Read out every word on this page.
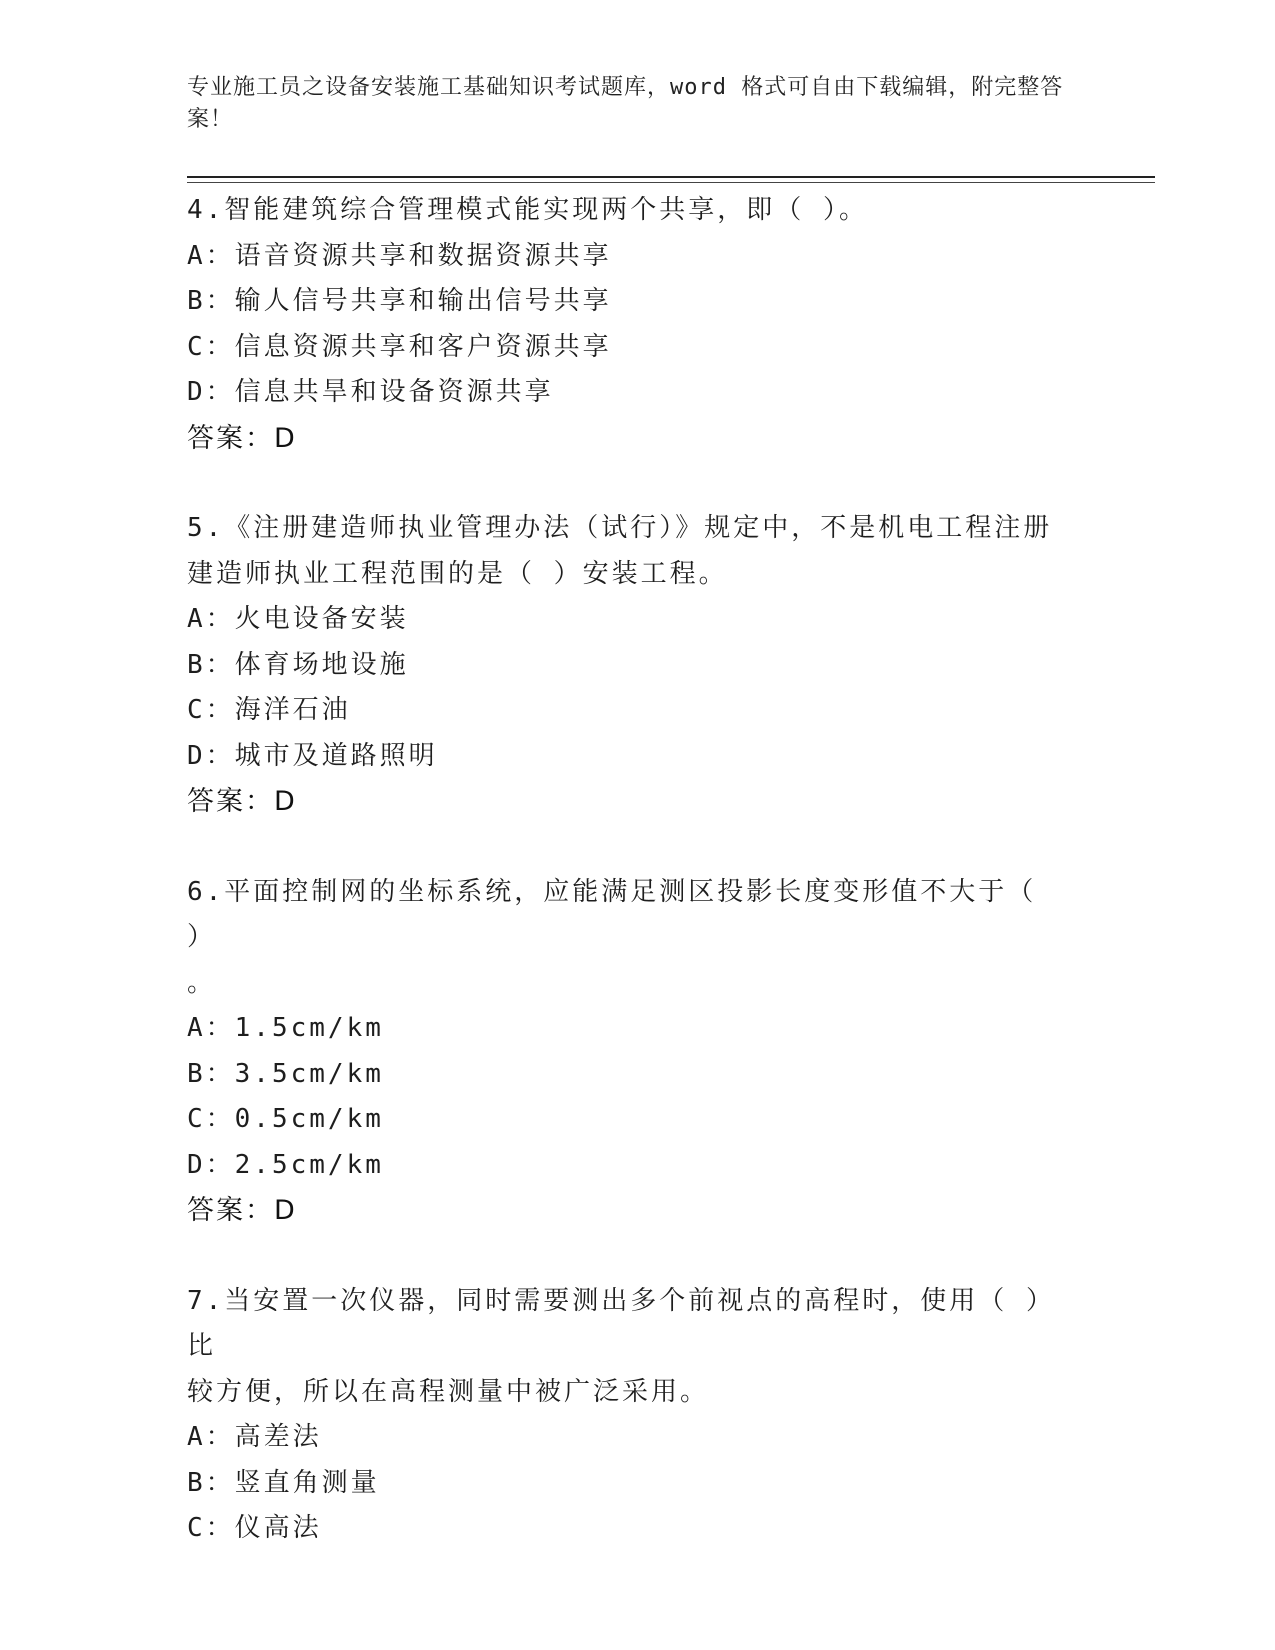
专业施工员之设备安装施工基础知识考试题库，word 格式可自由下载编辑，附完整答案！
4.智能建筑综合管理模式能实现两个共享，即（ ）。
A：语音资源共享和数据资源共享
B：输人信号共享和输出信号共享
C：信息资源共享和客户资源共享
D：信息共旱和设备资源共享
答案：D
5.《注册建造师执业管理办法（试行）》规定中，不是机电工程注册
建造师执业工程范围的是（ ）安装工程。
A：火电设备安装
B：体育场地设施
C：海洋石油
D：城市及道路照明
答案：D
6.平面控制网的坐标系统，应能满足测区投影长度变形值不大于（ ）
。
A：1.5cm/km
B：3.5cm/km
C：0.5cm/km
D：2.5cm/km
答案：D
7.当安置一次仪器，同时需要测出多个前视点的高程时，使用（ ）比
较方便，所以在高程测量中被广泛采用。
A：高差法
B：竖直角测量
C：仪高法
